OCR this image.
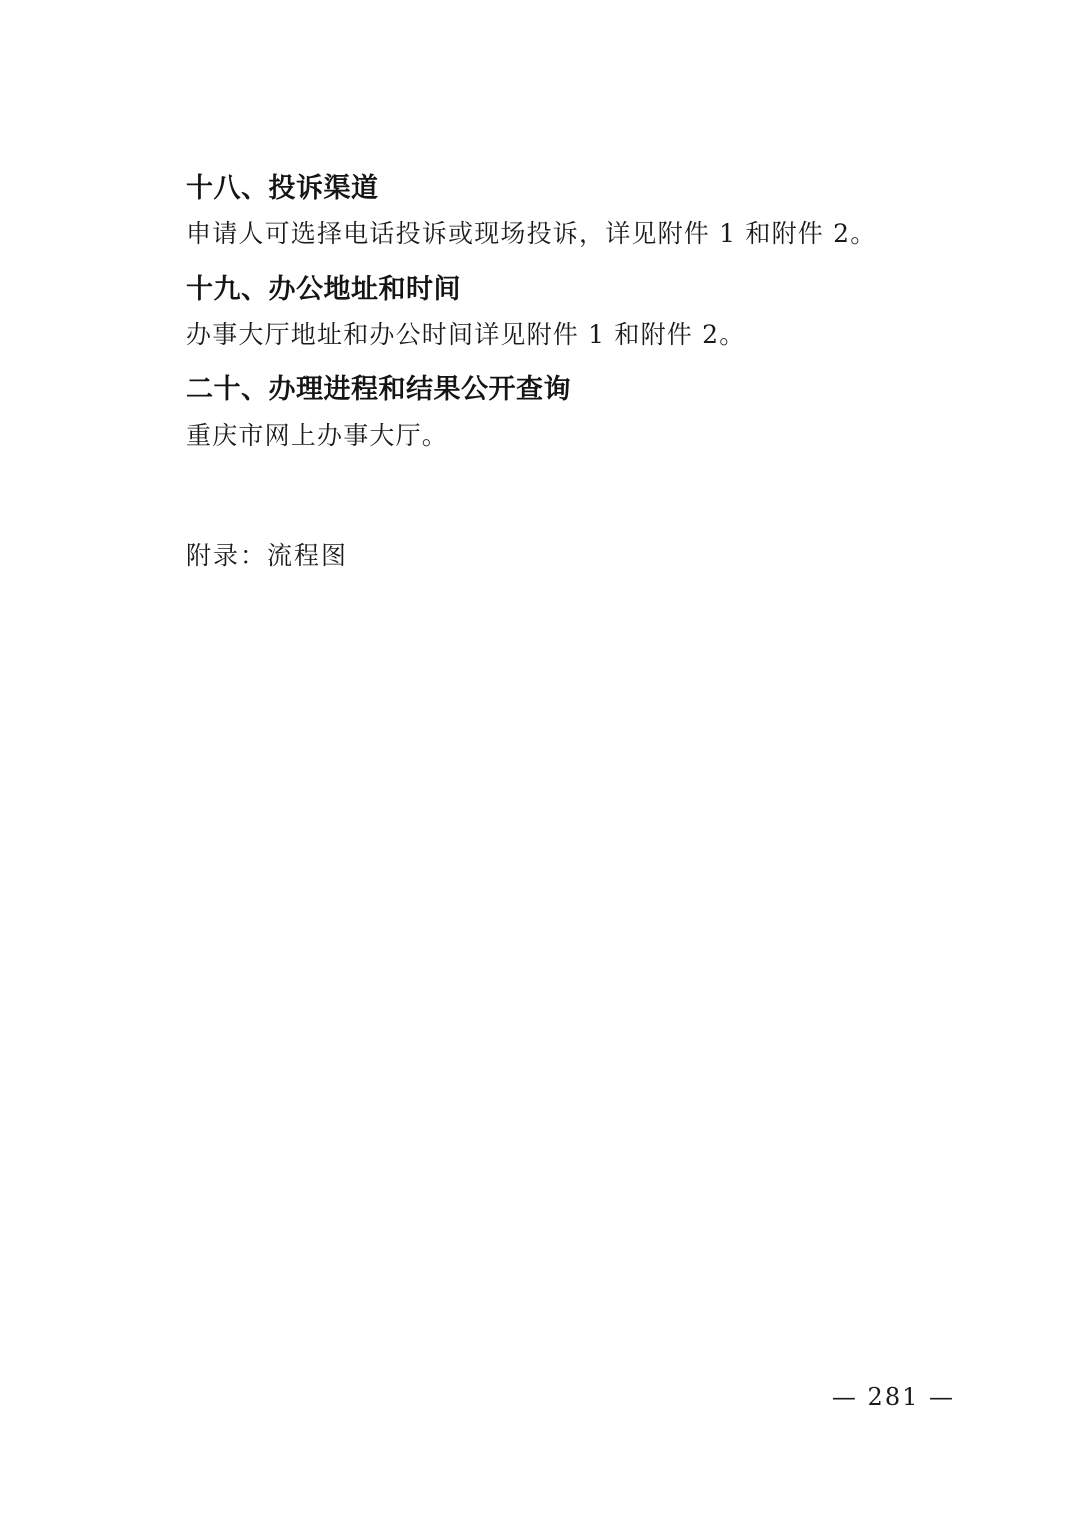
十八、投诉渠道

申请人可选择电话投诉或现场投诉，详见附件 1 和附件 2。

十九、办公地址和时间

办事大厅地址和办公时间详见附件 1 和附件 2。

二十、办理进程和结果公开查询

重庆市网上办事大厅。

附录：流程图

— 281 —
